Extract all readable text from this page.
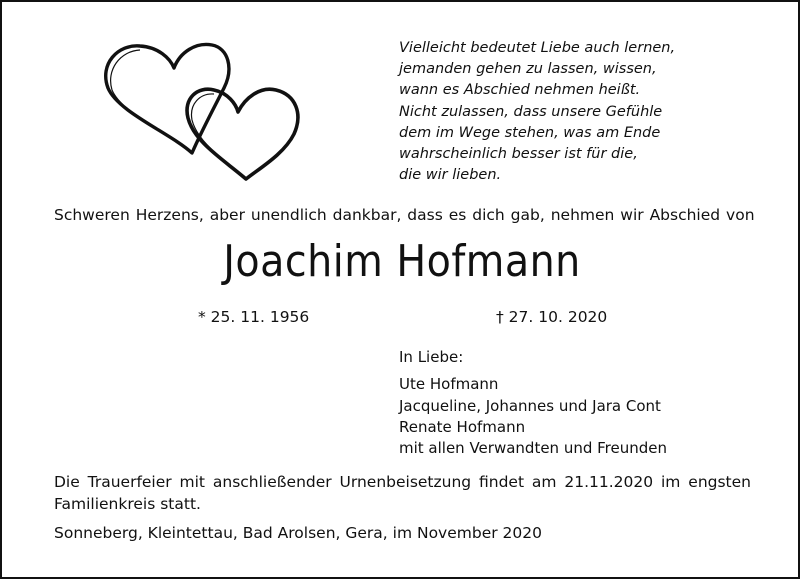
Vielleicht bedeutet Liebe auch lernen,
jemanden gehen zu lassen, wissen,
wann es Abschied nehmen heißt.
Nicht zulassen, dass unsere Gefühle
dem im Wege stehen, was am Ende
wahrscheinlich besser ist für die,
die wir lieben.
Schweren Herzens, aber unendlich dankbar, dass es dich gab, nehmen wir Abschied von
Joachim Hofmann
* 25. 11. 1956	† 27. 10. 2020
In Liebe:
Ute Hofmann
Jacqueline, Johannes und Jara Cont
Renate Hofmann
mit allen Verwandten und Freunden
Die Trauerfeier mit anschließender Urnenbeisetzung findet am 21.11.2020 im engsten Familienkreis statt.
Sonneberg, Kleintettau, Bad Arolsen, Gera, im November 2020
